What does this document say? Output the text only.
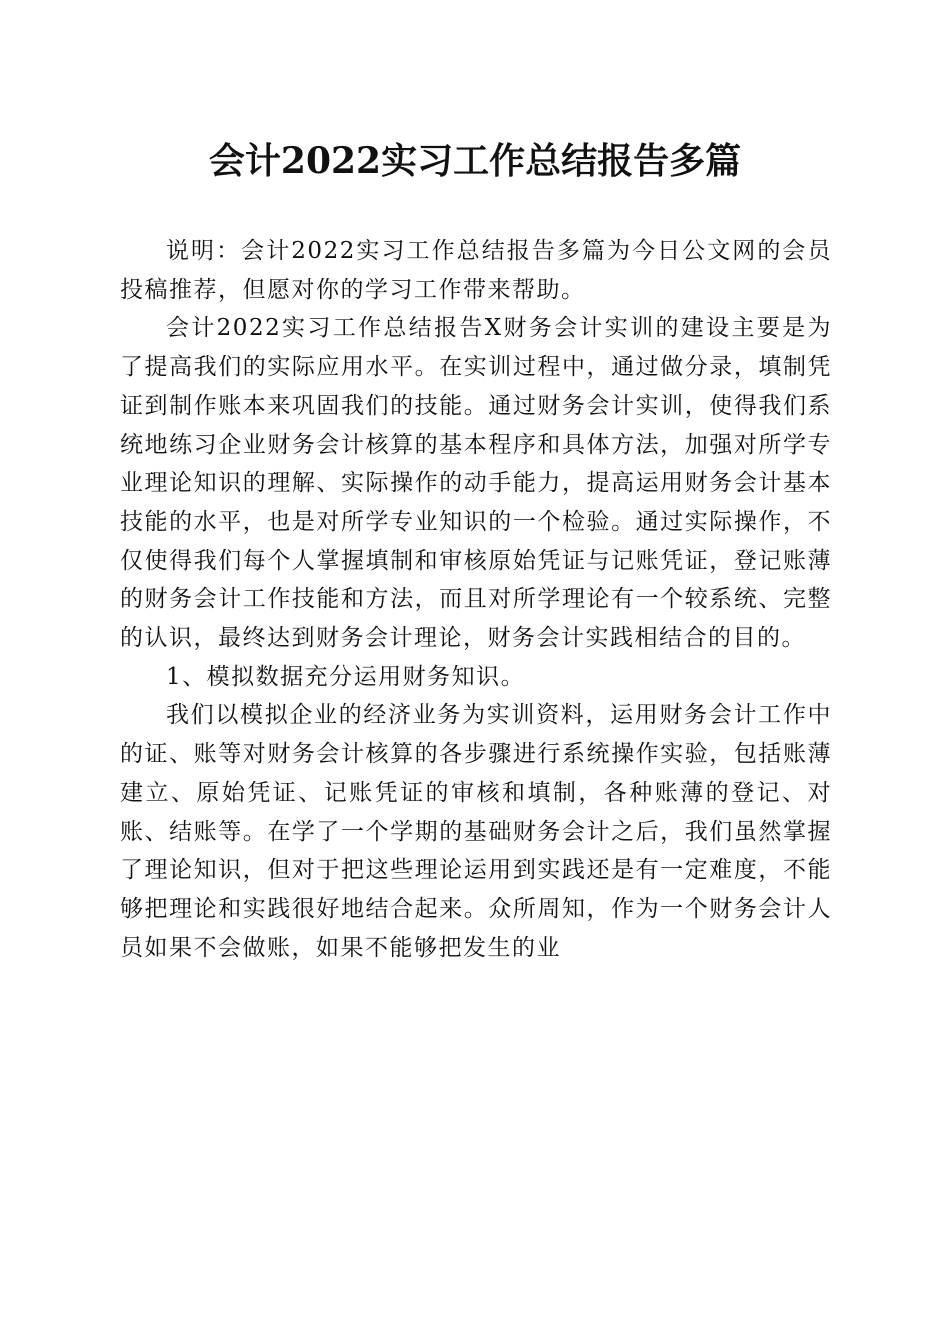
会计2022实习工作总结报告多篇

说明：会计2022实习工作总结报告多篇为今日公文网的会员投稿推荐，但愿对你的学习工作带来帮助。

会计2022实习工作总结报告X财务会计实训的建设主要是为了提高我们的实际应用水平。在实训过程中，通过做分录，填制凭证到制作账本来巩固我们的技能。通过财务会计实训，使得我们系统地练习企业财务会计核算的基本程序和具体方法，加强对所学专业理论知识的理解、实际操作的动手能力，提高运用财务会计基本技能的水平，也是对所学专业知识的一个检验。通过实际操作，不仅使得我们每个人掌握填制和审核原始凭证与记账凭证，登记账薄的财务会计工作技能和方法，而且对所学理论有一个较系统、完整的认识，最终达到财务会计理论，财务会计实践相结合的目的。

1、模拟数据充分运用财务知识。

我们以模拟企业的经济业务为实训资料，运用财务会计工作中的证、账等对财务会计核算的各步骤进行系统操作实验，包括账薄建立、原始凭证、记账凭证的审核和填制，各种账薄的登记、对账、结账等。在学了一个学期的基础财务会计之后，我们虽然掌握了理论知识，但对于把这些理论运用到实践还是有一定难度，不能够把理论和实践很好地结合起来。众所周知，作为一个财务会计人员如果不会做账，如果不能够把发生的业
